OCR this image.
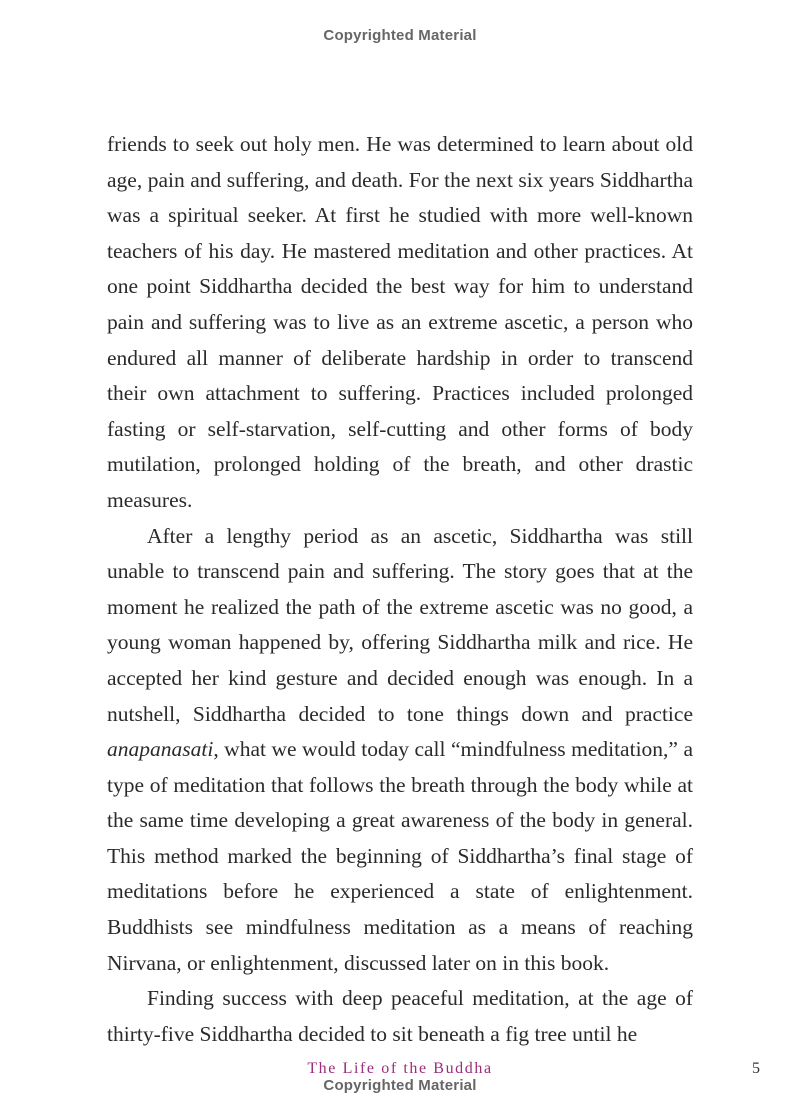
Copyrighted Material

friends to seek out holy men. He was determined to learn about old age, pain and suffering, and death. For the next six years Siddhartha was a spiritual seeker. At first he studied with more well-known teachers of his day. He mastered meditation and other practices. At one point Siddhartha decided the best way for him to understand pain and suffering was to live as an extreme ascetic, a person who endured all manner of deliberate hardship in order to transcend their own attachment to suffering. Practices included prolonged fasting or self-starvation, self-cutting and other forms of body mutilation, prolonged holding of the breath, and other drastic measures.

After a lengthy period as an ascetic, Siddhartha was still unable to transcend pain and suffering. The story goes that at the moment he realized the path of the extreme ascetic was no good, a young woman happened by, offering Siddhartha milk and rice. He accepted her kind gesture and decided enough was enough. In a nutshell, Siddhartha decided to tone things down and practice anapanasati, what we would today call “mindfulness meditation,” a type of meditation that follows the breath through the body while at the same time developing a great awareness of the body in general. This method marked the beginning of Siddhartha’s final stage of meditations before he experienced a state of enlightenment. Buddhists see mindfulness meditation as a means of reaching Nirvana, or enlightenment, discussed later on in this book.

Finding success with deep peaceful meditation, at the age of thirty-five Siddhartha decided to sit beneath a fig tree until he

The Life of the Buddha	5
Copyrighted Material
